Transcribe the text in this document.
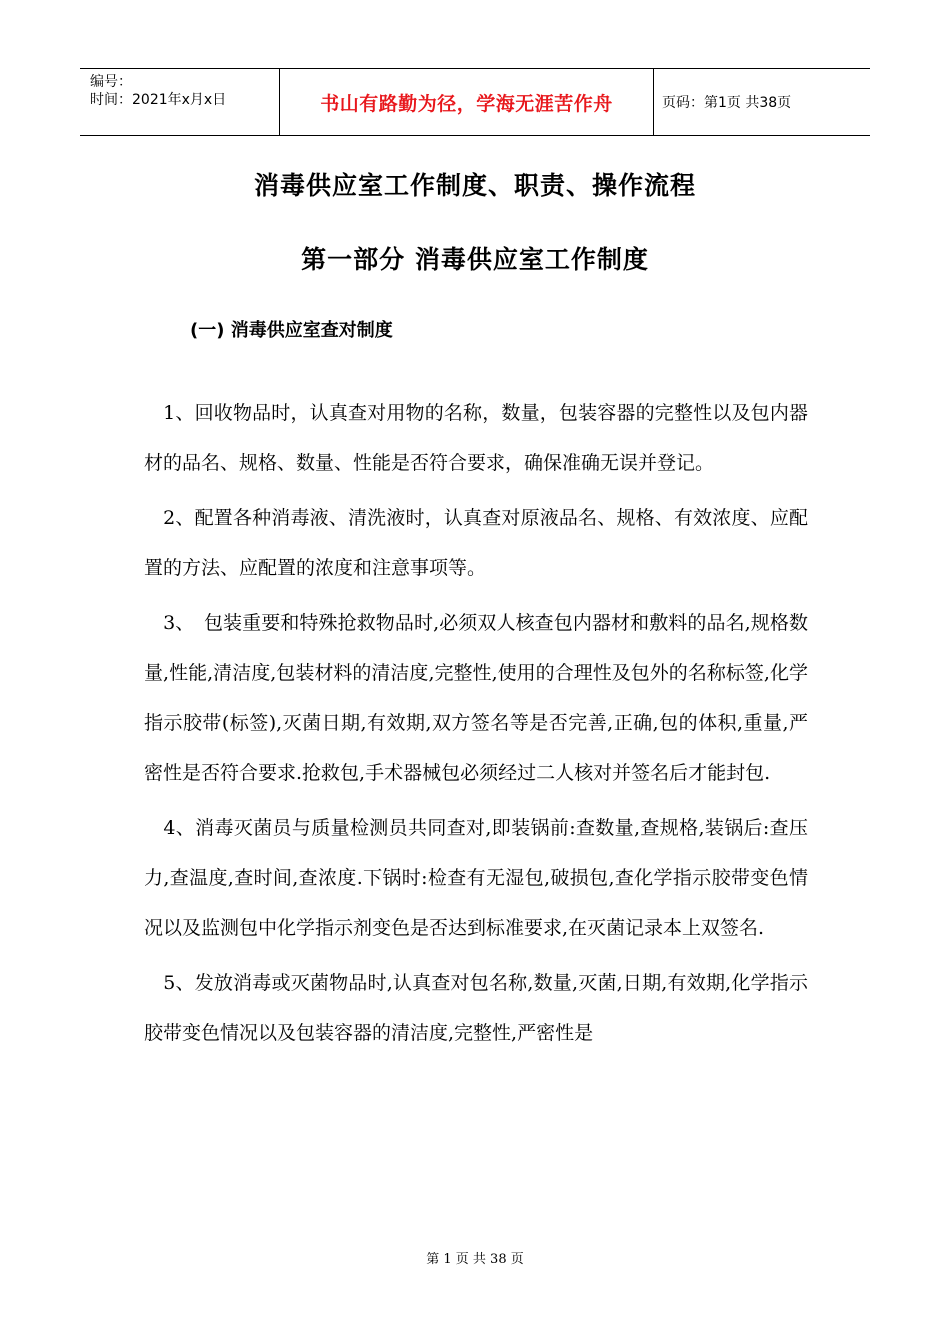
编号：
时间：2021年x月x日	书山有路勤为径，学海无涯苦作舟	页码：第1页 共38页
消毒供应室工作制度、职责、操作流程
第一部分 消毒供应室工作制度
(一) 消毒供应室查对制度

　1、回收物品时，认真查对用物的名称，数量，包装容器的完整性以及包内器材的品名、规格、数量、性能是否符合要求，确保准确无误并登记。

　2、配置各种消毒液、清洗液时，认真查对原液品名、规格、有效浓度、应配置的方法、应配置的浓度和注意事项等。

　3、　包装重要和特殊抢救物品时,必须双人核查包内器材和敷料的品名,规格数量,性能,清洁度,包装材料的清洁度,完整性,使用的合理性及包外的名称标签,化学指示胶带(标签),灭菌日期,有效期,双方签名等是否完善,正确,包的体积,重量,严密性是否符合要求.抢救包,手术器械包必须经过二人核对并签名后才能封包.

　4、消毒灭菌员与质量检测员共同查对,即装锅前:查数量,查规格,装锅后:查压力,查温度,查时间,查浓度.下锅时:检查有无湿包,破损包,查化学指示胶带变色情况以及监测包中化学指示剂变色是否达到标准要求,在灭菌记录本上双签名.

　5、发放消毒或灭菌物品时,认真查对包名称,数量,灭菌,日期,有效期,化学指示胶带变色情况以及包装容器的清洁度,完整性,严密性是

第 1 页 共 38 页
